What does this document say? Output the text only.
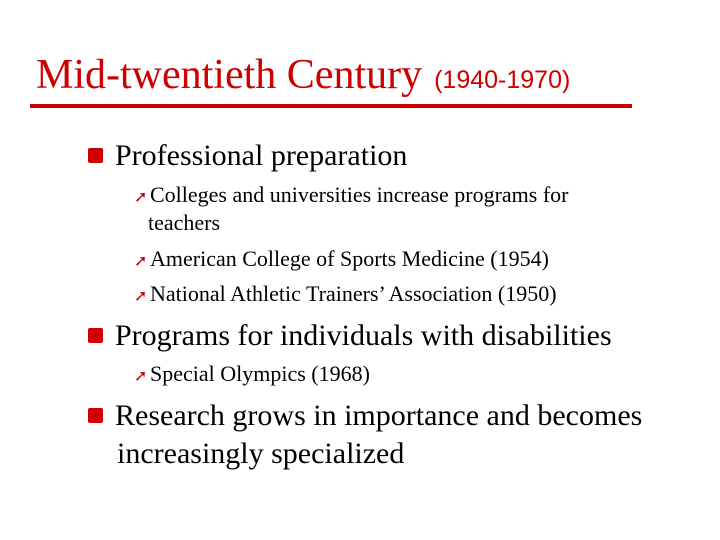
Mid-twentieth Century (1940-1970)
Professional preparation
➚ Colleges and universities increase programs for
teachers
➚ American College of Sports Medicine (1954)
➚ National Athletic Trainers’ Association (1950)
Programs for individuals with disabilities
➚ Special Olympics (1968)
Research grows in importance and becomes
increasingly specialized
